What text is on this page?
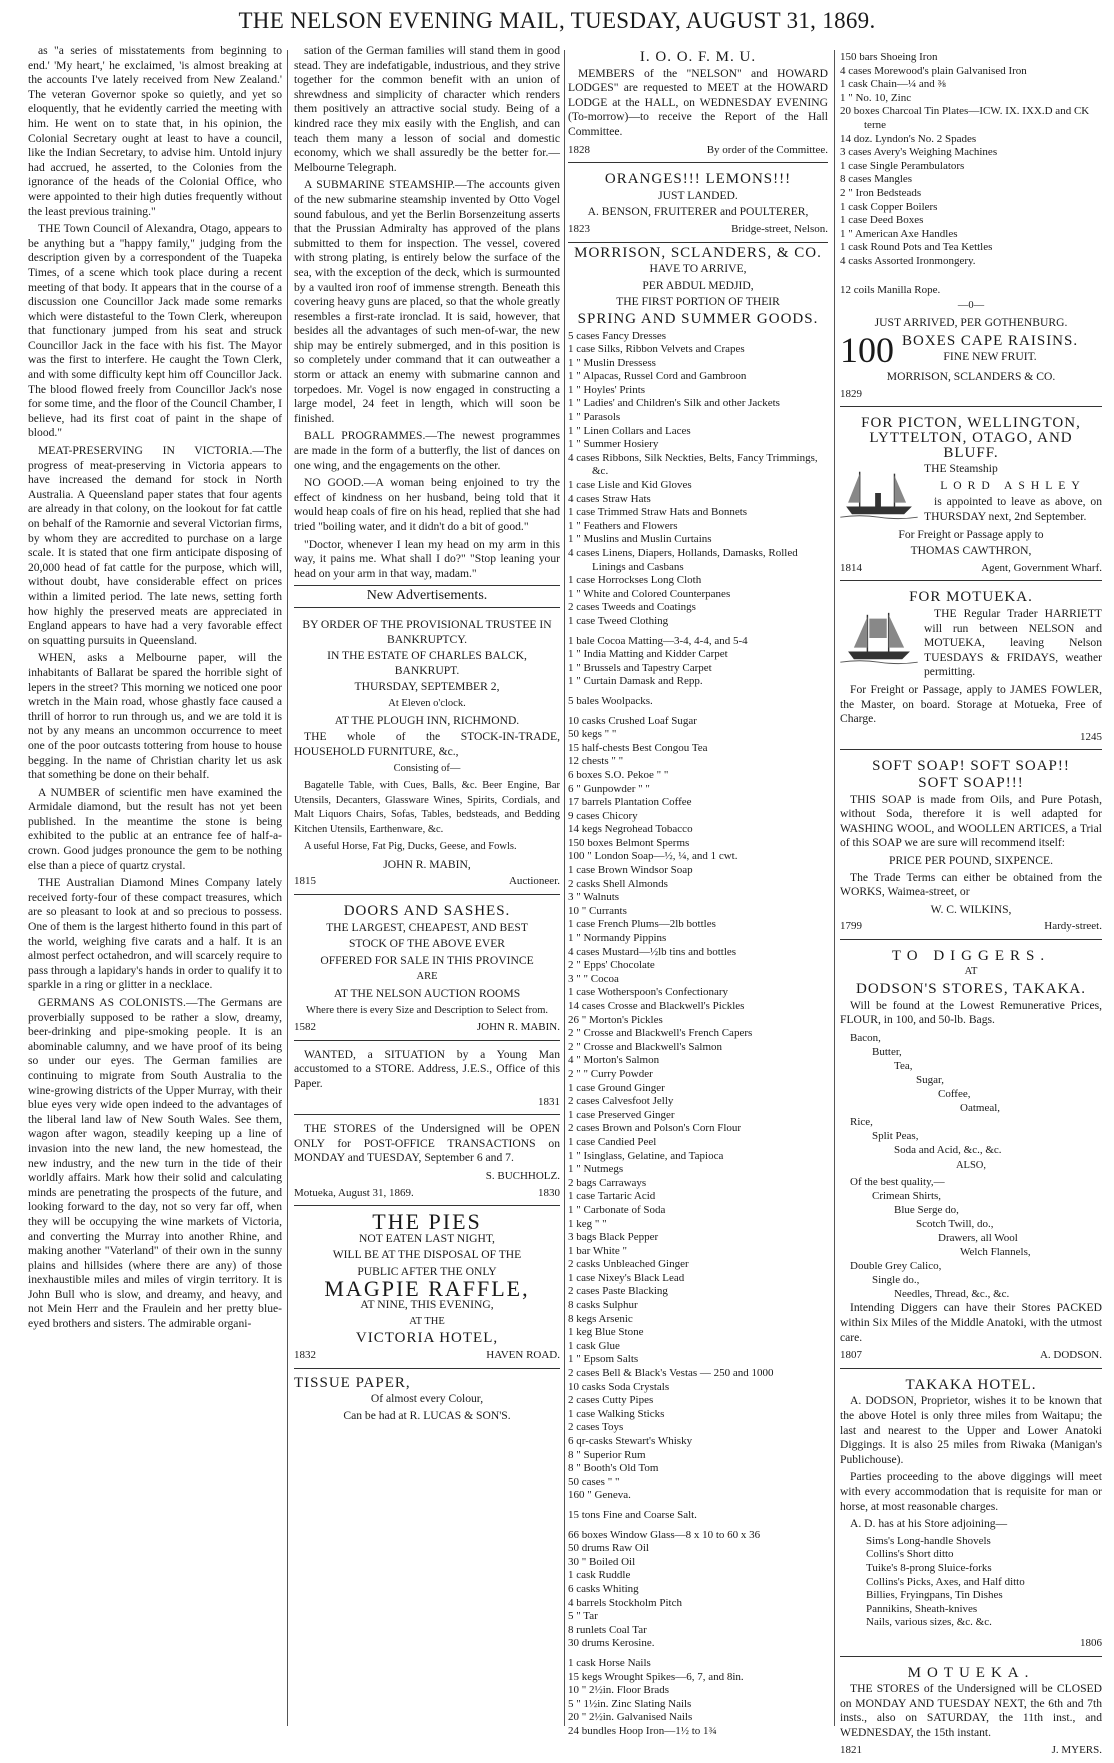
THE NELSON EVENING MAIL, TUESDAY, AUGUST 31, 1869.

as "a series of misstatements from beginning to end.' 'My heart,' he exclaimed, 'is almost breaking at the accounts I've lately received from New Zealand.' The veteran Governor spoke so quietly, and yet so eloquently, that he evidently carried the meeting with him. He went on to state that, in his opinion, the Colonial Secretary ought at least to have a council, like the Indian Secretary, to advise him. Untold injury had accrued, he asserted, to the Colonies from the ignorance of the heads of the Colonial Office, who were appointed to their high duties frequently without the least previous training."

THE Town Council of Alexandra, Otago, appears to be anything but a "happy family," judging from the description given by a correspondent of the Tuapeka Times, of a scene which took place during a recent meeting of that body. It appears that in the course of a discussion one Councillor Jack made some remarks which were distasteful to the Town Clerk, whereupon that functionary jumped from his seat and struck Councillor Jack in the face with his fist. The Mayor was the first to interfere. He caught the Town Clerk, and with some difficulty kept him off Councillor Jack. The blood flowed freely from Councillor Jack's nose for some time, and the floor of the Council Chamber, I believe, had its first coat of paint in the shape of blood."

MEAT-PRESERVING IN VICTORIA.—The progress of meat-preserving in Victoria appears to have increased the demand for stock in North Australia. A Queensland paper states that four agents are already in that colony, on the lookout for fat cattle on behalf of the Ramornie and several Victorian firms, by whom they are accredited to purchase on a large scale. It is stated that one firm anticipate disposing of 20,000 head of fat cattle for the purpose, which will, without doubt, have considerable effect on prices within a limited period. The late news, setting forth how highly the preserved meats are appreciated in England appears to have had a very favorable effect on squatting pursuits in Queensland.

WHEN, asks a Melbourne paper, will the inhabitants of Ballarat be spared the horrible sight of lepers in the street? This morning we noticed one poor wretch in the Main road, whose ghastly face caused a thrill of horror to run through us, and we are told it is not by any means an uncommon occurrence to meet one of the poor outcasts tottering from house to house begging. In the name of Christian charity let us ask that something be done on their behalf.

A NUMBER of scientific men have examined the Armidale diamond, but the result has not yet been published. In the meantime the stone is being exhibited to the public at an entrance fee of half-a-crown. Good judges pronounce the gem to be nothing else than a piece of quartz crystal.

THE Australian Diamond Mines Company lately received forty-four of these compact treasures, which are so pleasant to look at and so precious to possess. One of them is the largest hitherto found in this part of the world, weighing five carats and a half. It is an almost perfect octahedron, and will scarcely require to pass through a lapidary's hands in order to qualify it to sparkle in a ring or glitter in a necklace.

GERMANS AS COLONISTS.—The Germans are proverbially supposed to be rather a slow, dreamy, beer-drinking and pipe-smoking people. It is an abominable calumny, and we have proof of its being so under our eyes. The German families are continuing to migrate from South Australia to the wine-growing districts of the Upper Murray, with their blue eyes very wide open indeed to the advantages of the liberal land law of New South Wales. See them, wagon after wagon, steadily keeping up a line of invasion into the new land, the new homestead, the new industry, and the new turn in the tide of their worldly affairs. Mark how their solid and calculating minds are penetrating the prospects of the future, and looking forward to the day, not so very far off, when they will be occupying the wine markets of Victoria, and converting the Murray into another Rhine, and making another "Vaterland" of their own in the sunny plains and hillsides (where there are any) of those inexhaustible miles and miles of virgin territory. It is John Bull who is slow, and dreamy, and heavy, and not Mein Herr and the Fraulein and her pretty blue-eyed brothers and sisters. The admirable organi-

sation of the German families will stand them in good stead. They are indefatigable, industrious, and they strive together for the common benefit with an union of shrewdness and simplicity of character which renders them positively an attractive social study. Being of a kindred race they mix easily with the English, and can teach them many a lesson of social and domestic economy, which we shall assuredly be the better for.—Melbourne Telegraph.

A SUBMARINE STEAMSHIP.—The accounts given of the new submarine steamship invented by Otto Vogel sound fabulous, and yet the Berlin Borsenzeitung asserts that the Prussian Admiralty has approved of the plans submitted to them for inspection. The vessel, covered with strong plating, is entirely below the surface of the sea, with the exception of the deck, which is surmounted by a vaulted iron roof of immense strength. Beneath this covering heavy guns are placed, so that the whole greatly resembles a first-rate ironclad. It is said, however, that besides all the advantages of such men-of-war, the new ship may be entirely submerged, and in this position is so completely under command that it can outweather a storm or attack an enemy with submarine cannon and torpedoes. Mr. Vogel is now engaged in constructing a large model, 24 feet in length, which will soon be finished.

BALL PROGRAMMES.—The newest programmes are made in the form of a butterfly, the list of dances on one wing, and the engagements on the other.

NO GOOD.—A woman being enjoined to try the effect of kindness on her husband, being told that it would heap coals of fire on his head, replied that she had tried "boiling water, and it didn't do a bit of good."

"Doctor, whenever I lean my head on my arm in this way, it pains me. What shall I do?" "Stop leaning your head on your arm in that way, madam."

New Advertisements.
BY ORDER OF THE PROVISIONAL TRUSTEE IN BANKRUPTCY.
IN THE ESTATE OF CHARLES BALCK, BANKRUPT.
THURSDAY, SEPTEMBER 2,
At Eleven o'clock.
AT THE PLOUGH INN, RICHMOND.

THE whole of the STOCK-IN-TRADE, HOUSEHOLD FURNITURE, &c.,

Consisting of—

Bagatelle Table, with Cues, Balls, &c. Beer Engine, Bar Utensils, Decanters, Glassware Wines, Spirits, Cordials, and Malt Liquors Chairs, Sofas, Tables, bedsteads, and Bedding Kitchen Utensils, Earthenware, &c.

A useful Horse, Fat Pig, Ducks, Geese, and Fowls.

JOHN R. MABIN,
1815	Auctioneer.
DOORS AND SASHES.
THE LARGEST, CHEAPEST, AND BEST
STOCK OF THE ABOVE EVER
OFFERED FOR SALE IN THIS PROVINCE
ARE
AT THE NELSON AUCTION ROOMS
Where there is every Size and Description to Select from.
1582	JOHN R. MABIN.

WANTED, a SITUATION by a Young Man accustomed to a STORE. Address, J.E.S., Office of this Paper.

1831

THE STORES of the Undersigned will be OPEN ONLY for POST-OFFICE TRANSACTIONS on MONDAY and TUESDAY, September 6 and 7.

S. BUCHHOLZ.
Motueka, August 31, 1869.	1830
THE PIES
NOT EATEN LAST NIGHT,
WILL BE AT THE DISPOSAL OF THE
PUBLIC AFTER THE ONLY
MAGPIE RAFFLE,
AT NINE, THIS EVENING,
AT THE
VICTORIA HOTEL,
1832	HAVEN ROAD.
TISSUE PAPER,
Of almost every Colour,
Can be had at R. LUCAS & SON'S.
I. O. O. F. M. U.

MEMBERS of the "NELSON" and HOWARD LODGES" are requested to MEET at the HOWARD LODGE at the HALL, on WEDNESDAY EVENING (To-morrow)—to receive the Report of the Hall Committee.

1828	By order of the Committee.
ORANGES!!! LEMONS!!!
JUST LANDED.
A. BENSON, FRUITERER and POULTERER,
1823	Bridge-street, Nelson.
MORRISON, SCLANDERS, & CO.
HAVE TO ARRIVE,
PER ABDUL MEDJID,
THE FIRST PORTION OF THEIR
SPRING AND SUMMER GOODS.
5 cases Fancy Dresses
1 case Silks, Ribbon Velvets and Crapes
1 " Muslin Dressess
1 " Alpacas, Russel Cord and Gambroon
1 " Hoyles' Prints
1 " Ladies' and Children's Silk and other Jackets
1 " Parasols
1 " Linen Collars and Laces
1 " Summer Hosiery
4 cases Ribbons, Silk Neckties, Belts, Fancy Trimmings, &c.
1 case Lisle and Kid Gloves
4 cases Straw Hats
1 case Trimmed Straw Hats and Bonnets
1 " Feathers and Flowers
1 " Muslins and Muslin Curtains
4 cases Linens, Diapers, Hollands, Damasks, Rolled Linings and Casbans
1 case Horrockses Long Cloth
1 " White and Colored Counterpanes
2 cases Tweeds and Coatings
1 case Tweed Clothing
1 bale Cocoa Matting—3-4, 4-4, and 5-4
1 " India Matting and Kidder Carpet
1 " Brussels and Tapestry Carpet
1 " Curtain Damask and Repp.
5 bales Woolpacks.
10 casks Crushed Loaf Sugar
50 kegs " "
15 half-chests Best Congou Tea
12 chests " "
6 boxes S.O. Pekoe " "
6 " Gunpowder " "
17 barrels Plantation Coffee
9 cases Chicory
14 kegs Negrohead Tobacco
150 boxes Belmont Sperms
100 " London Soap—½, ¼, and 1 cwt.
1 case Brown Windsor Soap
2 casks Shell Almonds
3 " Walnuts
10 " Currants
1 case French Plums—2lb bottles
1 " Normandy Pippins
4 cases Mustard—½lb tins and bottles
2 " Epps' Chocolate
3 " " Cocoa
1 case Wotherspoon's Confectionary
14 cases Crosse and Blackwell's Pickles
26 " Morton's Pickles
2 " Crosse and Blackwell's French Capers
2 " Crosse and Blackwell's Salmon
4 " Morton's Salmon
2 " " Curry Powder
1 case Ground Ginger
2 cases Calvesfoot Jelly
1 case Preserved Ginger
2 cases Brown and Polson's Corn Flour
1 case Candied Peel
1 " Isinglass, Gelatine, and Tapioca
1 " Nutmegs
2 bags Carraways
1 case Tartaric Acid
1 " Carbonate of Soda
1 keg " "
3 bags Black Pepper
1 bar White "
2 casks Unbleached Ginger
1 case Nixey's Black Lead
2 cases Paste Blacking
8 casks Sulphur
8 kegs Arsenic
1 keg Blue Stone
1 cask Glue
1 " Epsom Salts
2 cases Bell & Black's Vestas — 250 and 1000
10 casks Soda Crystals
2 cases Cutty Pipes
1 case Walking Sticks
2 cases Toys
6 qr-casks Stewart's Whisky
8 " Superior Rum
8 " Booth's Old Tom
50 cases " "
160 " Geneva.
15 tons Fine and Coarse Salt.
66 boxes Window Glass—8 x 10 to 60 x 36
50 drums Raw Oil
30 " Boiled Oil
1 cask Ruddle
6 casks Whiting
4 barrels Stockholm Pitch
5 " Tar
8 runlets Coal Tar
30 drums Kerosine.
1 cask Horse Nails
15 kegs Wrought Spikes—6, 7, and 8in.
10 " 2½in. Floor Brads
5 " 1½in. Zinc Slating Nails
20 " 2½in. Galvanised Nails
24 bundles Hoop Iron—1½ to 1¾
150 bars Shoeing Iron
4 cases Morewood's plain Galvanised Iron
1 cask Chain—¼ and ⅜
1 " No. 10, Zinc
20 boxes Charcoal Tin Plates—ICW. IX. IXX.D and CK terne
14 doz. Lyndon's No. 2 Spades
3 cases Avery's Weighing Machines
1 case Single Perambulators
8 cases Mangles
2 " Iron Bedsteads
1 cask Copper Boilers
1 case Deed Boxes
1 " American Axe Handles
1 cask Round Pots and Tea Kettles
4 casks Assorted Ironmongery.
12 coils Manilla Rope.
—0—
JUST ARRIVED, PER GOTHENBURG.
100 BOXES CAPE RAISINS.
FINE NEW FRUIT.
MORRISON, SCLANDERS & CO.
1829
FOR PICTON, WELLINGTON, LYTTELTON, OTAGO, AND BLUFF.
THE Steamship
LORD ASHLEY

is appointed to leave as above, on THURSDAY next, 2nd September.

For Freight or Passage apply to
THOMAS CAWTHRON,
1814	Agent, Government Wharf.
FOR MOTUEKA.

THE Regular Trader HARRIETT will run between NELSON and MOTUEKA, leaving Nelson TUESDAYS & FRIDAYS, weather permitting.

For Freight or Passage, apply to JAMES FOWLER, the Master, on board. Storage at Motueka, Free of Charge.

1245
SOFT SOAP! SOFT SOAP!!
SOFT SOAP!!!

THIS SOAP is made from Oils, and Pure Potash, without Soda, therefore it is well adapted for WASHING WOOL, and WOOLLEN ARTICES, a Trial of this SOAP we are sure will recommend itself:

PRICE PER POUND, SIXPENCE.

The Trade Terms can either be obtained from the WORKS, Waimea-street, or

W. C. WILKINS,
1799	Hardy-street.
TO DIGGERS.
AT
DODSON'S STORES, TAKAKA.

Will be found at the Lowest Remunerative Prices, FLOUR, in 100, and 50-lb. Bags.

Bacon,
Butter,
Tea,
Sugar,
Coffee,
Oatmeal,
Rice,
Split Peas,
Soda and Acid, &c., &c.
ALSO,
Of the best quality,—
Crimean Shirts,
Blue Serge do,
Scotch Twill, do.,
Drawers, all Wool
Welch Flannels,
Double Grey Calico,
Single do.,
Needles, Thread, &c., &c.

Intending Diggers can have their Stores PACKED within Six Miles of the Middle Anatoki, with the utmost care.

1807	A. DODSON.
TAKAKA HOTEL.

A. DODSON, Proprietor, wishes it to be known that the above Hotel is only three miles from Waitapu; the last and nearest to the Upper and Lower Anatoki Diggings. It is also 25 miles from Riwaka (Manigan's Publichouse).

Parties proceeding to the above diggings will meet with every accommodation that is requisite for man or horse, at most reasonable charges.

A. D. has at his Store adjoining—

Sims's Long-handle Shovels
Collins's Short ditto
Tuike's 8-prong Sluice-forks
Collins's Picks, Axes, and Half ditto
Billies, Fryingpans, Tin Dishes
Pannikins, Sheath-knives
Nails, various sizes, &c. &c.
1806
MOTUEKA.

THE STORES of the Undersigned will be CLOSED on MONDAY AND TUESDAY NEXT, the 6th and 7th insts., also on SATURDAY, the 11th inst., and WEDNESDAY, the 15th instant.

1821	J. MYERS.
